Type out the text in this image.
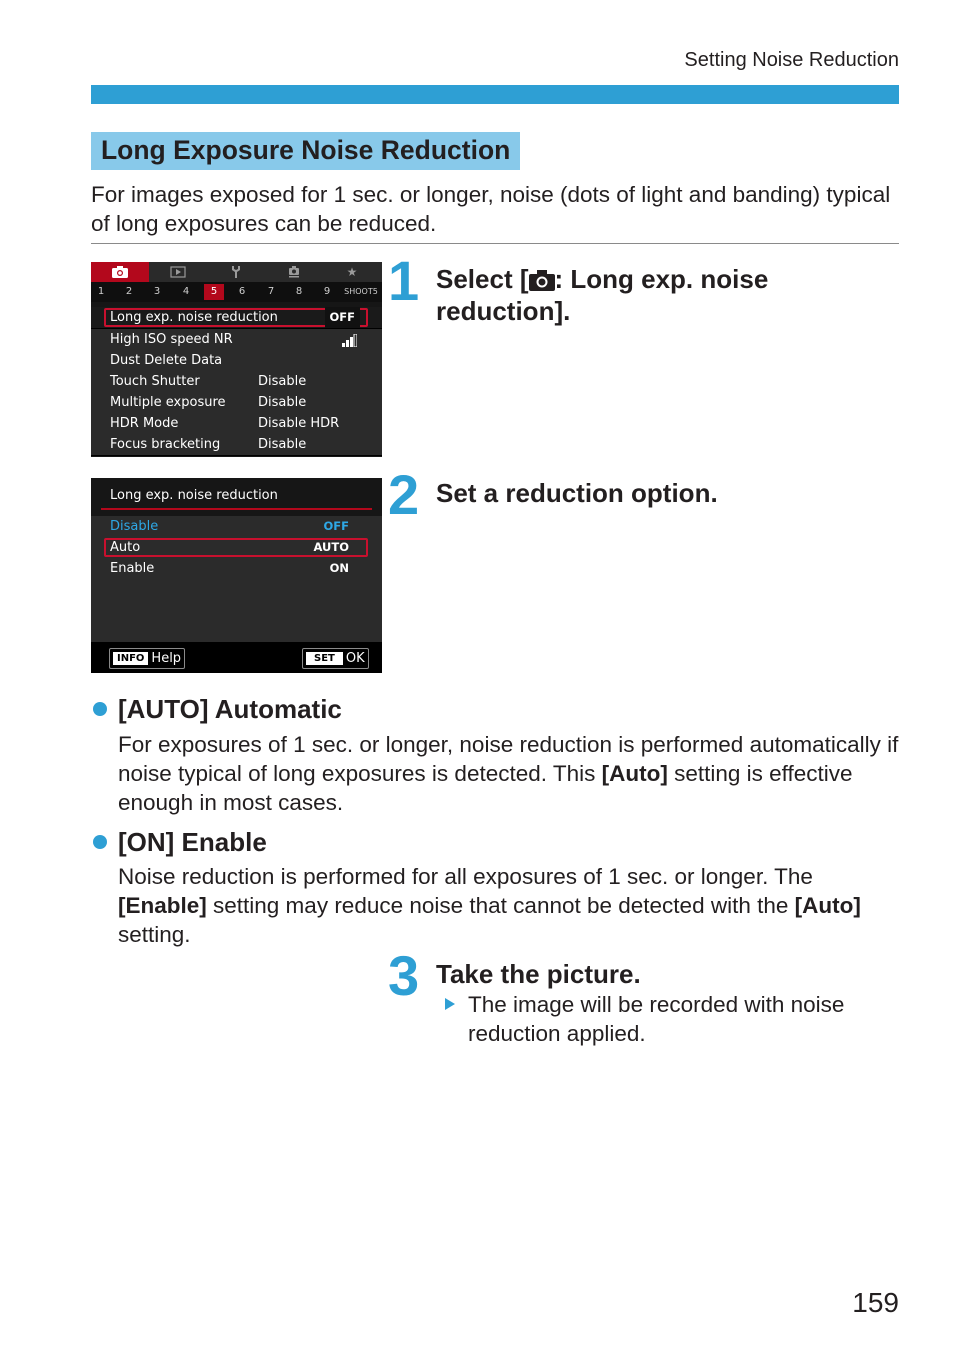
Setting Noise Reduction
Long Exposure Noise Reduction
For images exposed for 1 sec. or longer, noise (dots of light and banding) typical of long exposures can be reduced.
★
1	2	3	4	5	6	7	8	9	SHOOT5
Long exp. noise reduction	OFF
High ISO speed NR
Dust Delete Data
Touch Shutter	Disable
Multiple exposure Disable
HDR Mode	Disable HDR
Focus bracketing	Disable
Long exp. noise reduction
Disable	OFF
Auto	AUTO
Enable	ON
INFO Help	SET OK
1 Select [ : Long exp. noise reduction].
2 Set a reduction option.
[AUTO] Automatic
For exposures of 1 sec. or longer, noise reduction is performed automatically if noise typical of long exposures is detected. This [Auto] setting is effective enough in most cases.
[ON] Enable
Noise reduction is performed for all exposures of 1 sec. or longer. The [Enable] setting may reduce noise that cannot be detected with the [Auto] setting.
3 Take the picture.
The image will be recorded with noise reduction applied.
159
